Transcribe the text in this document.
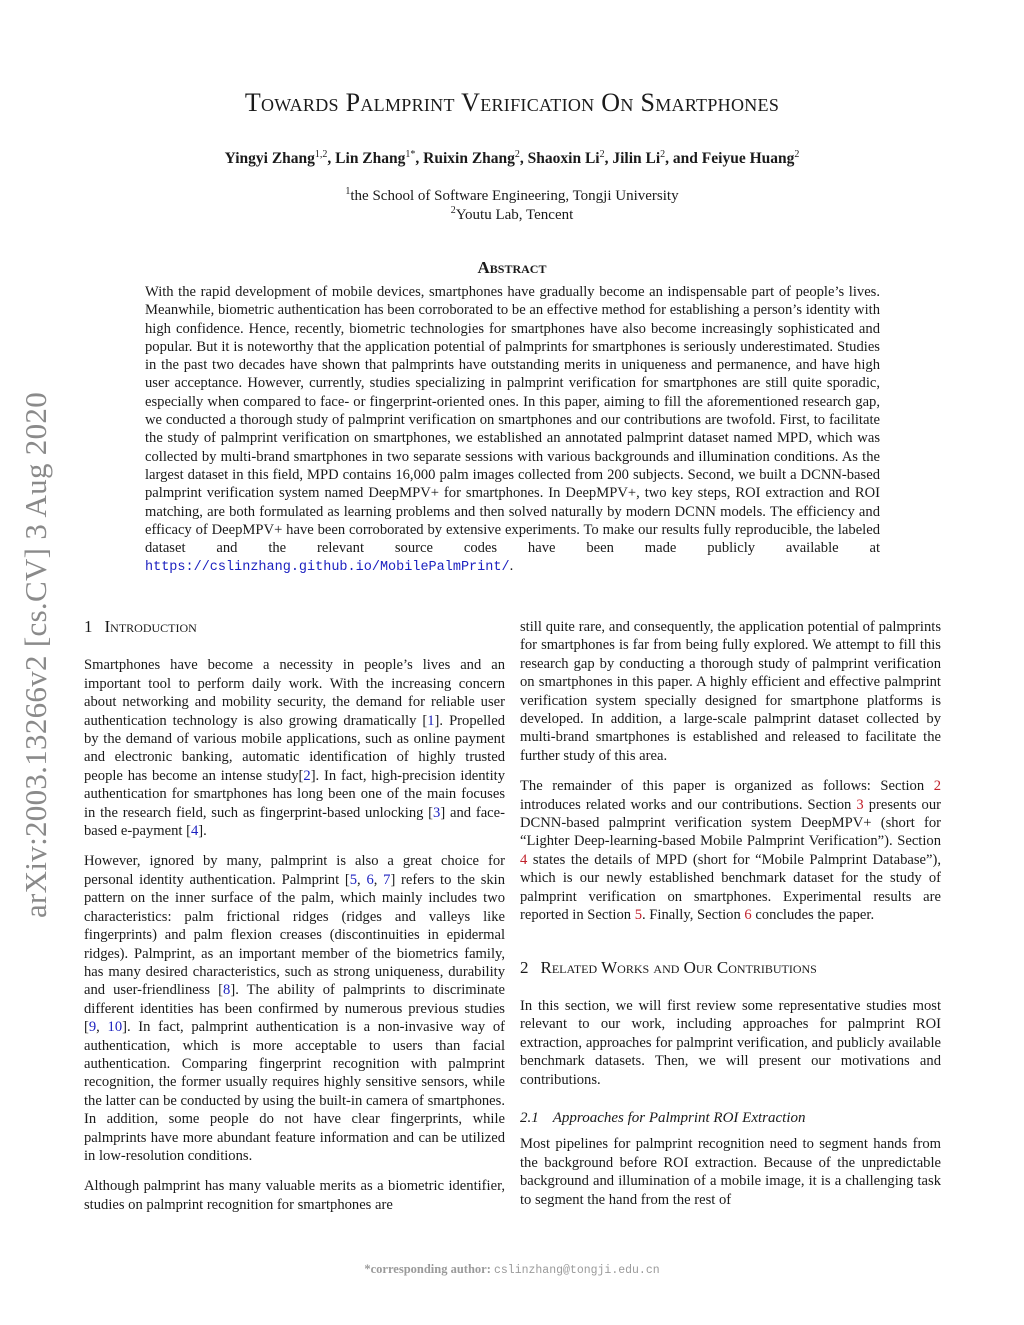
arXiv:2003.13266v2 [cs.CV] 3 Aug 2020
Towards Palmprint Verification On Smartphones
Yingyi Zhang$^{1,2}$, Lin Zhang$^{1*}$, Ruixin Zhang$^2$, Shaoxin Li$^2$, Jilin Li$^2$, and Feiyue Huang$^2$
$^1$the School of Software Engineering, Tongji University
$^2$Youtu Lab, Tencent
Abstract
With the rapid development of mobile devices, smartphones have gradually become an indispensable part of people’s lives. Meanwhile, biometric authentication has been corroborated to be an effective method for establishing a person’s identity with high confidence. Hence, recently, biometric technologies for smartphones have also become increasingly sophisticated and popular. But it is noteworthy that the application potential of palmprints for smartphones is seriously underestimated. Studies in the past two decades have shown that palmprints have outstanding merits in uniqueness and permanence, and have high user acceptance. However, currently, studies specializing in palmprint verification for smartphones are still quite sporadic, especially when compared to face- or fingerprint-oriented ones. In this paper, aiming to fill the aforementioned research gap, we conducted a thorough study of palmprint verification on smartphones and our contributions are twofold. First, to facilitate the study of palmprint verification on smartphones, we established an annotated palmprint dataset named MPD, which was collected by multi-brand smartphones in two separate sessions with various backgrounds and illumination conditions. As the largest dataset in this field, MPD contains 16,000 palm images collected from 200 subjects. Second, we built a DCNN-based palmprint verification system named DeepMPV+ for smartphones. In DeepMPV+, two key steps, ROI extraction and ROI matching, are both formulated as learning problems and then solved naturally by modern DCNN models. The efficiency and efficacy of DeepMPV+ have been corroborated by extensive experiments. To make our results fully reproducible, the labeled dataset and the relevant source codes have been made publicly available at https://cslinzhang.github.io/MobilePalmPrint/.
1 Introduction

Smartphones have become a necessity in people’s lives and an important tool to perform daily work. With the increasing concern about networking and mobility security, the demand for reliable user authentication technology is also growing dramatically [1]. Propelled by the demand of various mobile applications, such as online payment and electronic banking, automatic identification of highly trusted people has become an intense study[2]. In fact, high-precision identity authentication for smartphones has long been one of the main focuses in the research field, such as fingerprint-based unlocking [3] and face-based e-payment [4].

However, ignored by many, palmprint is also a great choice for personal identity authentication. Palmprint [5, 6, 7] refers to the skin pattern on the inner surface of the palm, which mainly includes two characteristics: palm frictional ridges (ridges and valleys like fingerprints) and palm flexion creases (discontinuities in epidermal ridges). Palmprint, as an important member of the biometrics family, has many desired characteristics, such as strong uniqueness, durability and user-friendliness [8]. The ability of palmprints to discriminate different identities has been confirmed by numerous previous studies [9, 10]. In fact, palmprint authentication is a non-invasive way of authentication, which is more acceptable to users than facial authentication. Comparing fingerprint recognition with palmprint recognition, the former usually requires highly sensitive sensors, while the latter can be conducted by using the built-in camera of smartphones. In addition, some people do not have clear fingerprints, while palmprints have more abundant feature information and can be utilized in low-resolution conditions.

Although palmprint has many valuable merits as a biometric identifier, studies on palmprint recognition for smartphones are

still quite rare, and consequently, the application potential of palmprints for smartphones is far from being fully explored. We attempt to fill this research gap by conducting a thorough study of palmprint verification on smartphones in this paper. A highly efficient and effective palmprint verification system specially designed for smartphone platforms is developed. In addition, a large-scale palmprint dataset collected by multi-brand smartphones is established and released to facilitate the further study of this area.

The remainder of this paper is organized as follows: Section 2 introduces related works and our contributions. Section 3 presents our DCNN-based palmprint verification system DeepMPV+ (short for “Lighter Deep-learning-based Mobile Palmprint Verification”). Section 4 states the details of MPD (short for “Mobile Palmprint Database”), which is our newly established benchmark dataset for the study of palmprint verification on smartphones. Experimental results are reported in Section 5. Finally, Section 6 concludes the paper.

2 Related Works and Our Contributions

In this section, we will first review some representative studies most relevant to our work, including approaches for palmprint ROI extraction, approaches for palmprint verification, and publicly available benchmark datasets. Then, we will present our motivations and contributions.

2.1 Approaches for Palmprint ROI Extraction

Most pipelines for palmprint recognition need to segment hands from the background before ROI extraction. Because of the unpredictable background and illumination of a mobile image, it is a challenging task to segment the hand from the rest of

*corresponding author: cslinzhang@tongji.edu.cn
